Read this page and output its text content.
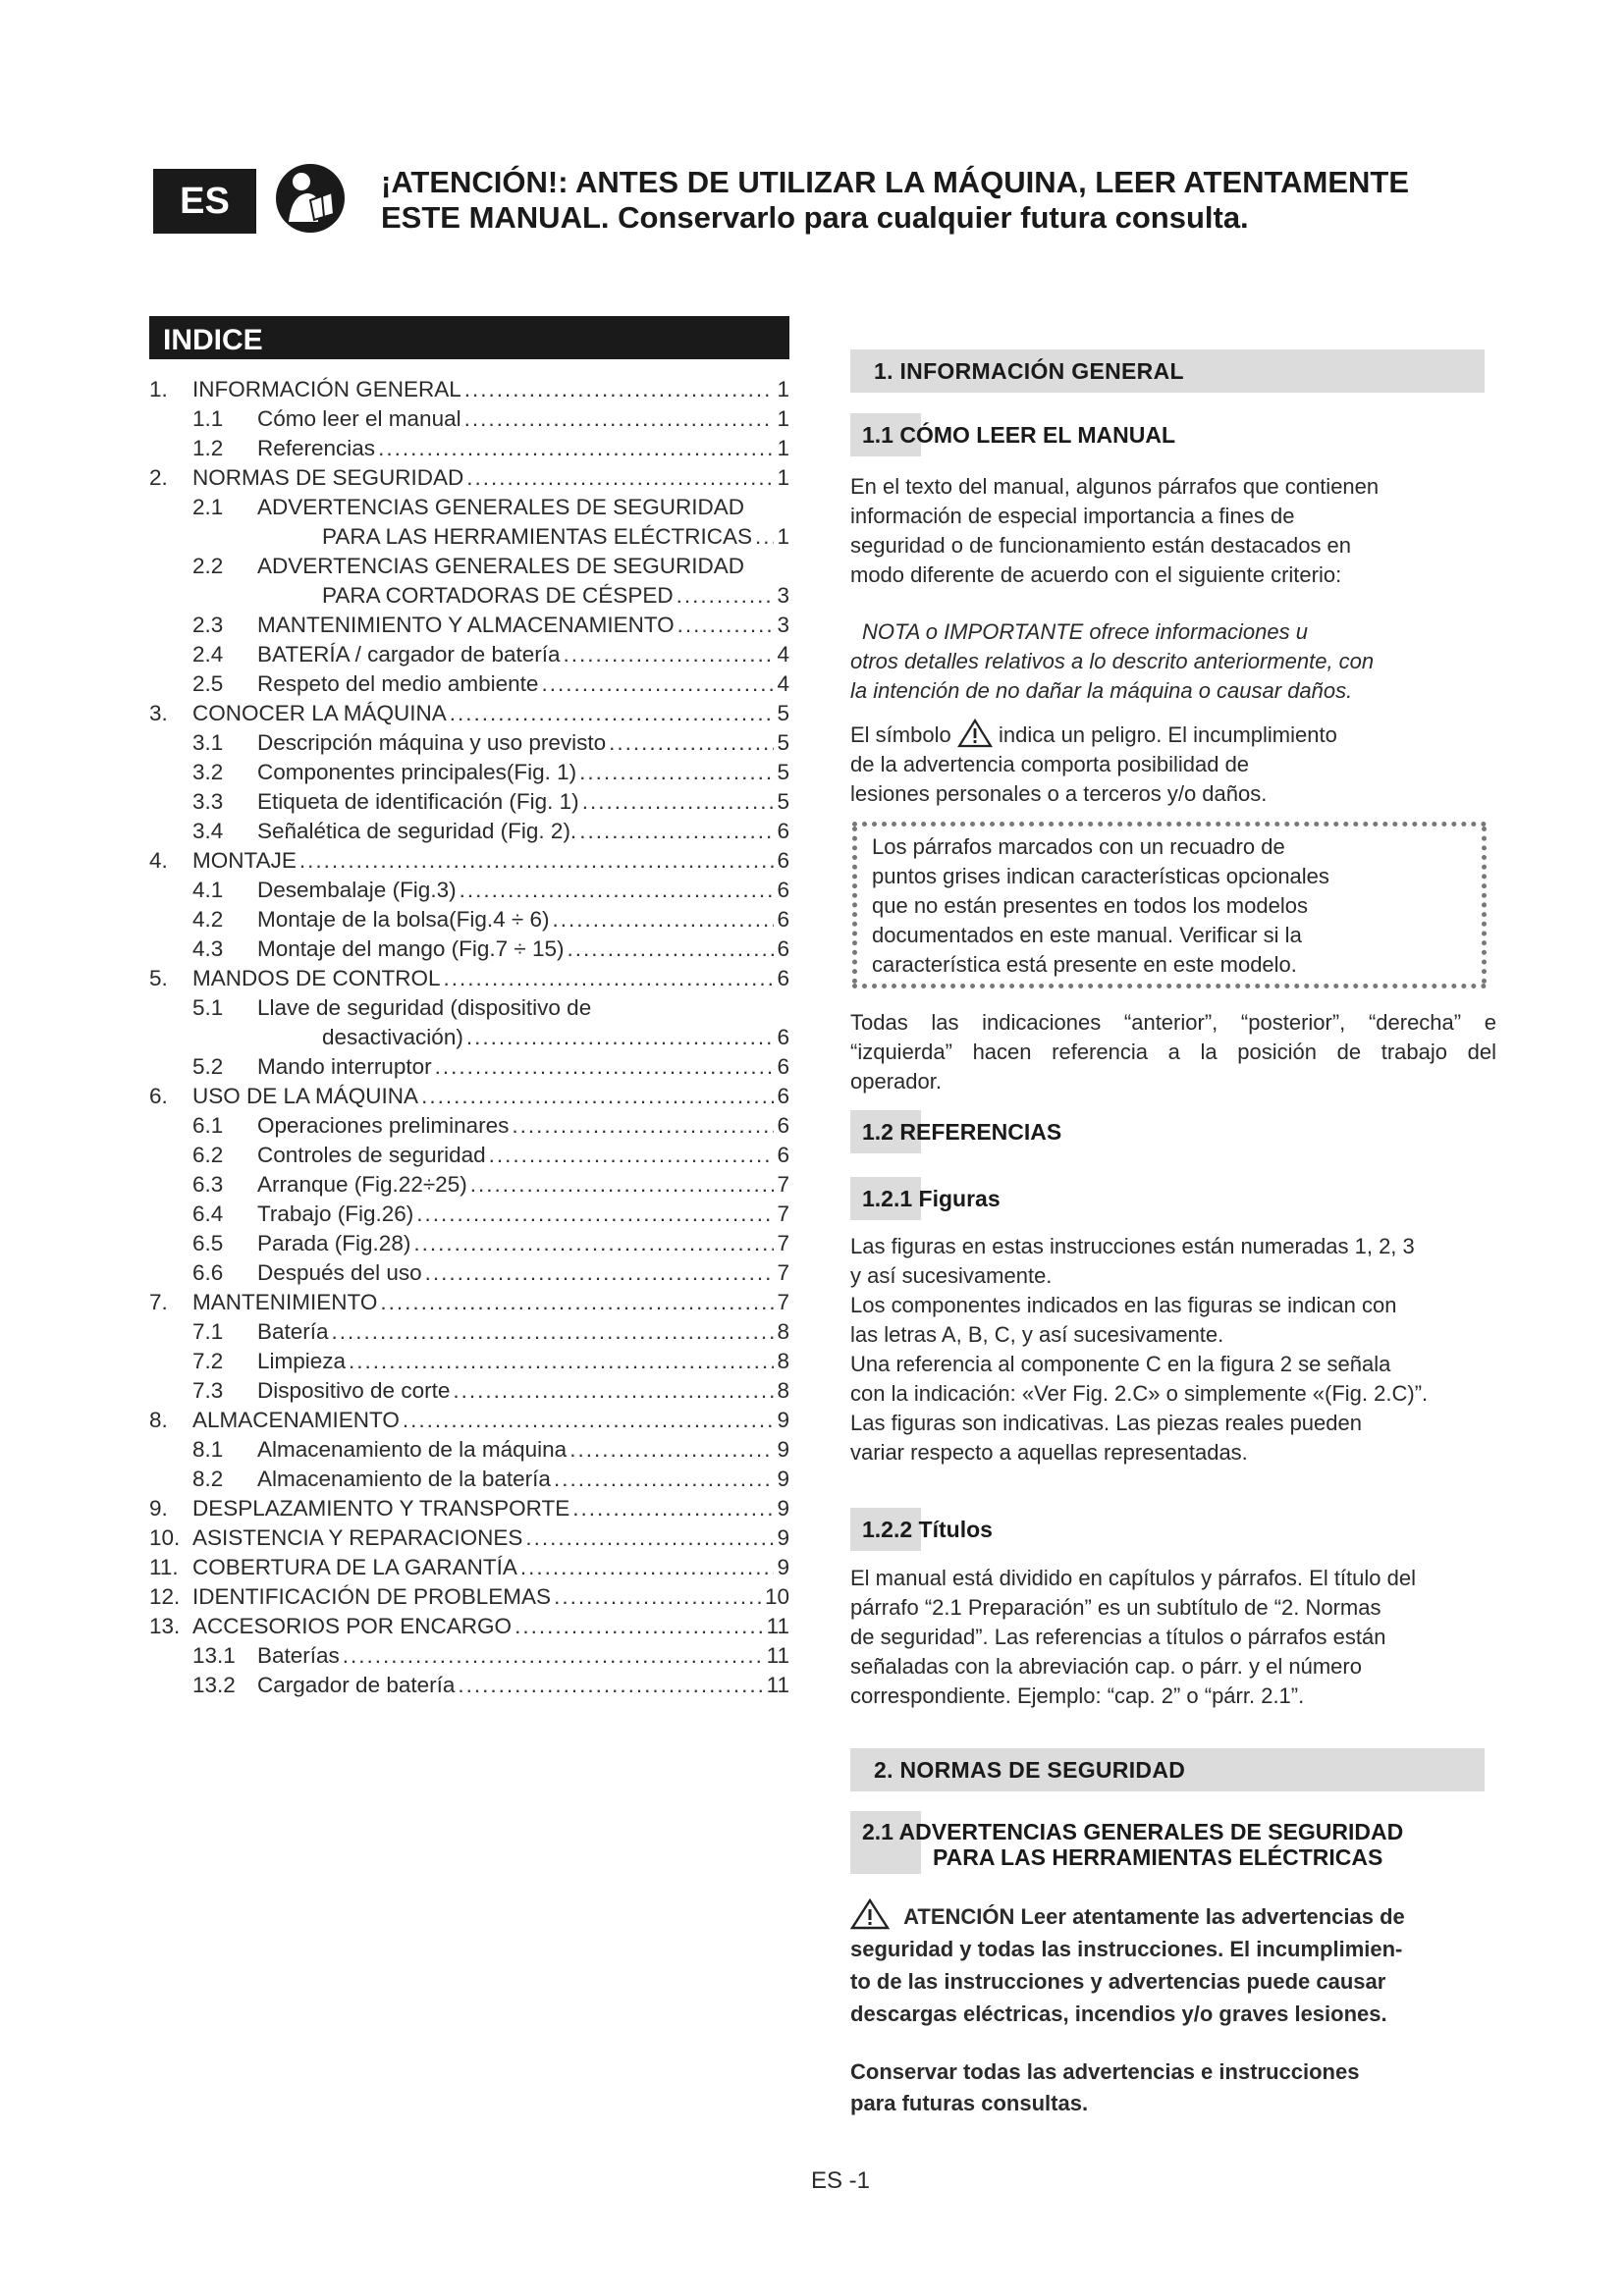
ES	¡ATENCIÓN!: ANTES DE UTILIZAR LA MÁQUINA, LEER ATENTAMENTE
ESTE MANUAL. Conservarlo para cualquier futura consulta.
INDICE
1.	INFORMACIÓN GENERAL .....	1
1.1	Cómo leer el manual .....	1
1.2	Referencias .....	1
2.	NORMAS DE SEGURIDAD .....	1
2.1	ADVERTENCIAS GENERALES DE SEGURIDAD
PARA LAS HERRAMIENTAS ELÉCTRICAS ..... 1
2.2	ADVERTENCIAS GENERALES DE SEGURIDAD
PARA CORTADORAS DE CÉSPED .....	3
2.3	MANTENIMIENTO Y ALMACENAMIENTO .....	3
2.4	BATERÍA / cargador de batería .....	4
2.5	Respeto del medio ambiente .....	4
3.	CONOCER LA MÁQUINA .....	5
3.1	Descripción máquina y uso previsto .....	5
3.2	Componentes principales(Fig. 1) .....	5
3.3	Etiqueta de identificación (Fig. 1) .....	5
3.4	Señalética de seguridad (Fig. 2). .....	6
4.	MONTAJE .....	6
4.1	Desembalaje (Fig.3) .....	6
4.2	Montaje de la bolsa(Fig.4 ÷ 6) .....	6
4.3	Montaje del mango (Fig.7 ÷ 15) .....	6
5.	MANDOS DE CONTROL .....	6
5.1	Llave de seguridad (dispositivo de
desactivación) .....	6
5.2	Mando interruptor .....	6
6.	USO DE LA MÁQUINA .....	6
6.1	Operaciones preliminares .....	6
6.2	Controles de seguridad .....	6
6.3	Arranque (Fig.22÷25) .....	7
6.4	Trabajo (Fig.26) .....	7
6.5	Parada (Fig.28) .....	7
6.6	Después del uso .....	7
7.	MANTENIMIENTO .....	7
7.1	Batería .....	8
7.2	Limpieza .....	8
7.3	Dispositivo de corte .....	8
8.	ALMACENAMIENTO .....	9
8.1	Almacenamiento de la máquina .....	9
8.2	Almacenamiento de la batería .....	9
9.	DESPLAZAMIENTO Y TRANSPORTE .....	9
10. ASISTENCIA Y REPARACIONES .....	9
11. COBERTURA DE LA GARANTÍA .....	9
12. IDENTIFICACIÓN DE PROBLEMAS .....	10
13. ACCESORIOS POR ENCARGO .....	11
13.1 Baterías .....	11
13.2 Cargador de batería .....	11
1. INFORMACIÓN GENERAL
1.1 CÓMO LEER EL MANUAL
En el texto del manual, algunos párrafos que contienen
información de especial importancia a fines de
seguridad o de funcionamiento están destacados en
modo diferente de acuerdo con el siguiente criterio:
NOTA o IMPORTANTE ofrece informaciones u
otros detalles relativos a lo descrito anteriormente, con
la intención de no dañar la máquina o causar daños.
El símbolo indica un peligro. El incumplimiento
de la advertencia comporta posibilidad de
lesiones personales o a terceros y/o daños.
Los párrafos marcados con un recuadro de
puntos grises indican características opcionales
que no están presentes en todos los modelos
documentados en este manual. Verificar si la
característica está presente en este modelo.
Todas las indicaciones “anterior”, “posterior”, “derecha” e
“izquierda” hacen referencia a la posición de trabajo del
operador.
1.2 REFERENCIAS
1.2.1 Figuras
Las figuras en estas instrucciones están numeradas 1, 2, 3
y así sucesivamente.
Los componentes indicados en las figuras se indican con
las letras A, B, C, y así sucesivamente.
Una referencia al componente C en la figura 2 se señala
con la indicación: «Ver Fig. 2.C» o simplemente «(Fig. 2.C)”.
Las figuras son indicativas. Las piezas reales pueden
variar respecto a aquellas representadas.
1.2.2 Títulos
El manual está dividido en capítulos y párrafos. El título del
párrafo “2.1 Preparación” es un subtítulo de “2. Normas
de seguridad”. Las referencias a títulos o párrafos están
señaladas con la abreviación cap. o párr. y el número
correspondiente. Ejemplo: “cap. 2” o “párr. 2.1”.
2. NORMAS DE SEGURIDAD
2.1 ADVERTENCIAS GENERALES DE SEGURIDAD
PARA LAS HERRAMIENTAS ELÉCTRICAS
ATENCIÓN Leer atentamente las advertencias de
seguridad y todas las instrucciones. El incumplimien-
to de las instrucciones y advertencias puede causar
descargas eléctricas, incendios y/o graves lesiones.
Conservar todas las advertencias e instrucciones
para futuras consultas.
ES -1
